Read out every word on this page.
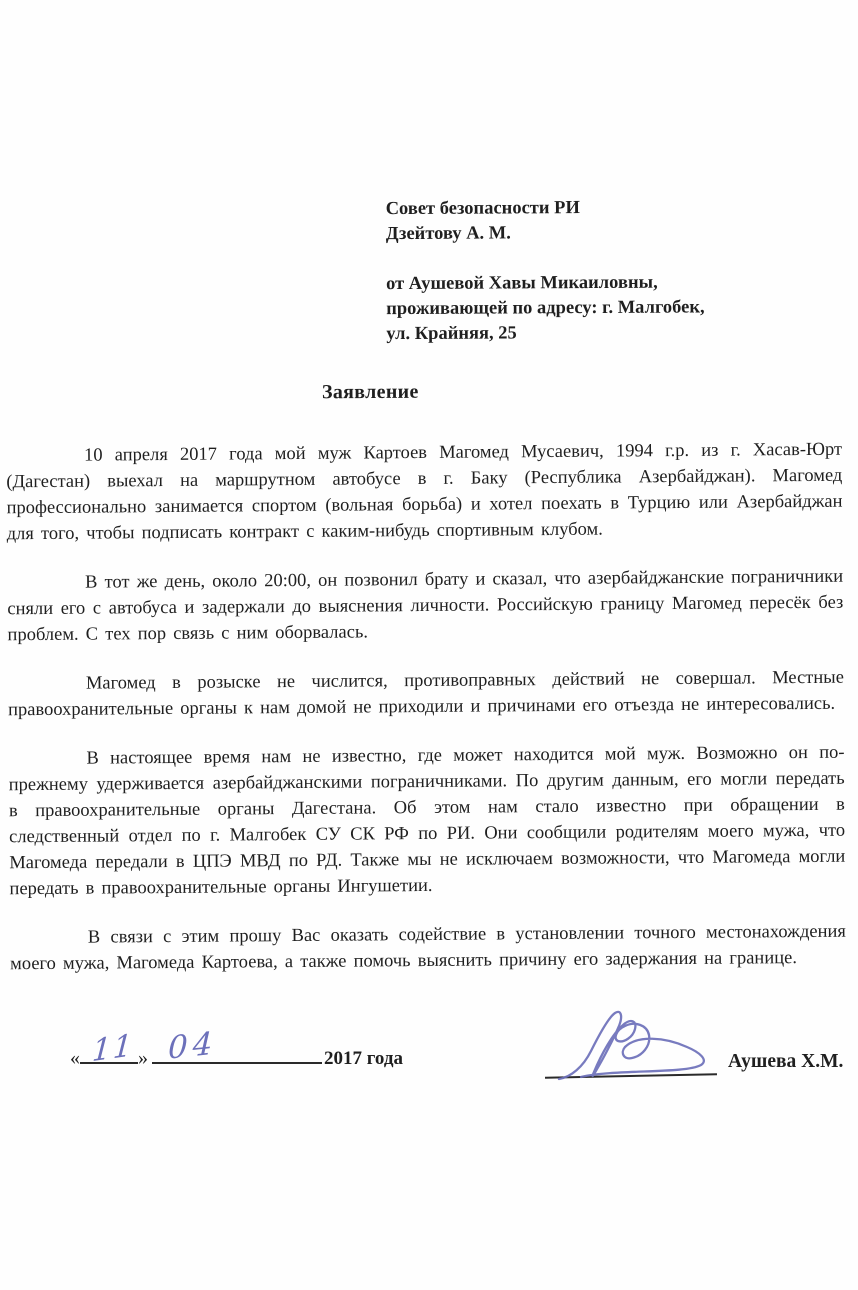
Совет безопасности РИ
Дзейтову А. М.
от Аушевой Хавы Микаиловны,
проживающей по адресу: г. Малгобек,
ул. Крайняя, 25
Заявление

10 апреля 2017 года мой муж Картоев Магомед Мусаевич, 1994 г.р. из г. Хасав-Юрт (Дагестан) выехал на маршрутном автобусе в г. Баку (Республика Азербайджан). Магомед профессионально занимается спортом (вольная борьба) и хотел поехать в Турцию или Азербайджан для того, чтобы подписать контракт с каким-нибудь спортивным клубом.

В тот же день, около 20:00, он позвонил брату и сказал, что азербайджанские пограничники сняли его с автобуса и задержали до выяснения личности. Российскую границу Магомед пересёк без проблем. С тех пор связь с ним оборвалась.

Магомед в розыске не числится, противоправных действий не совершал. Местные правоохранительные органы к нам домой не приходили и причинами его отъезда не интересовались.

В настоящее время нам не известно, где может находится мой муж. Возможно он по-прежнему удерживается азербайджанскими пограничниками. По другим данным, его могли передать в правоохранительные органы Дагестана. Об этом нам стало известно при обращении в следственный отдел по г. Малгобек СУ СК РФ по РИ. Они сообщили родителям моего мужа, что Магомеда передали в ЦПЭ МВД по РД. Также мы не исключаем возможности, что Магомеда могли передать в правоохранительные органы Ингушетии.

В связи с этим прошу Вас оказать содействие в установлении точного местонахождения моего мужа, Магомеда Картоева, а также помочь выяснить причину его задержания на границе.

« 11 » 04	2017 года	Аушева Х.М.
